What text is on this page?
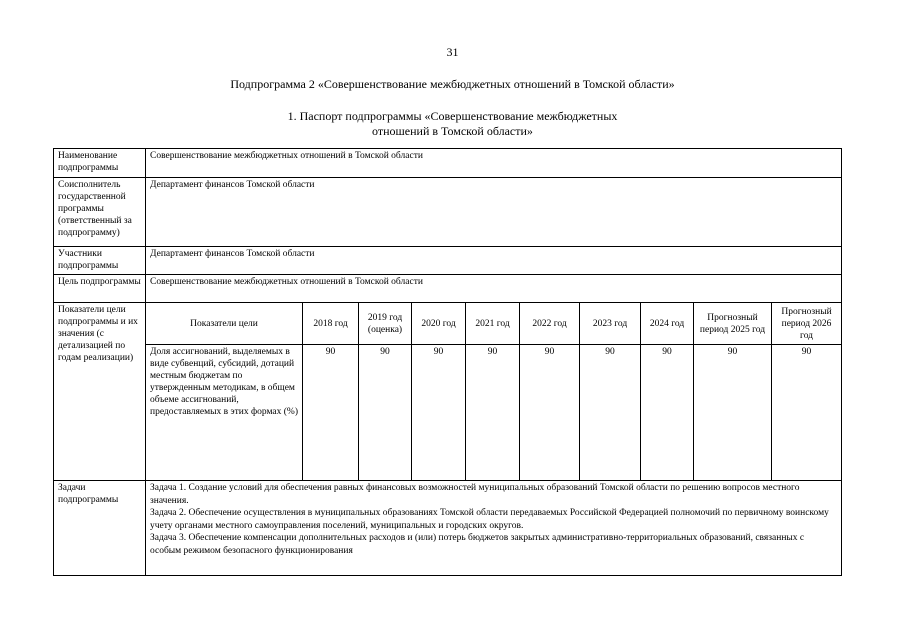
31
Подпрограмма 2 «Совершенствование межбюджетных отношений в Томской области»
1. Паспорт подпрограммы «Совершенствование межбюджетных
отношений в Томской области»
Наименование подпрограммы	Совершенствование межбюджетных отношений в Томской области									
Соисполнитель государственной программы (ответственный за подпрограмму)	Департамент финансов Томской области									
Участники подпрограммы	Департамент финансов Томской области									
Цель подпрограммы	Совершенствование межбюджетных отношений в Томской области									
Показатели цели подпрограммы и их значения (с детализацией по годам реализации)	Показатели цели	2018 год	2019 год (оценка)	2020 год	2021 год	2022 год	2023 год	2024 год	Прогнозный период 2025 год	Прогнозный период 2026 год
	Доля ассигнований, выделяемых в виде субвенций, субсидий, дотаций местным бюджетам по утвержденным методикам, в общем объеме ассигнований, предоставляемых в этих формах (%)	90	90	90	90	90	90	90	90	90
Задачи подпрограммы	Задача 1. Создание условий для обеспечения равных финансовых возможностей муниципальных образований Томской области по решению вопросов местного значения.
Задача 2. Обеспечение осуществления в муниципальных образованиях Томской области передаваемых Российской Федерацией полномочий по первичному воинскому учету органами местного самоуправления поселений, муниципальных и городских округов.
Задача 3. Обеспечение компенсации дополнительных расходов и (или) потерь бюджетов закрытых административно-территориальных образований, связанных с особым режимом безопасного функционирования									
